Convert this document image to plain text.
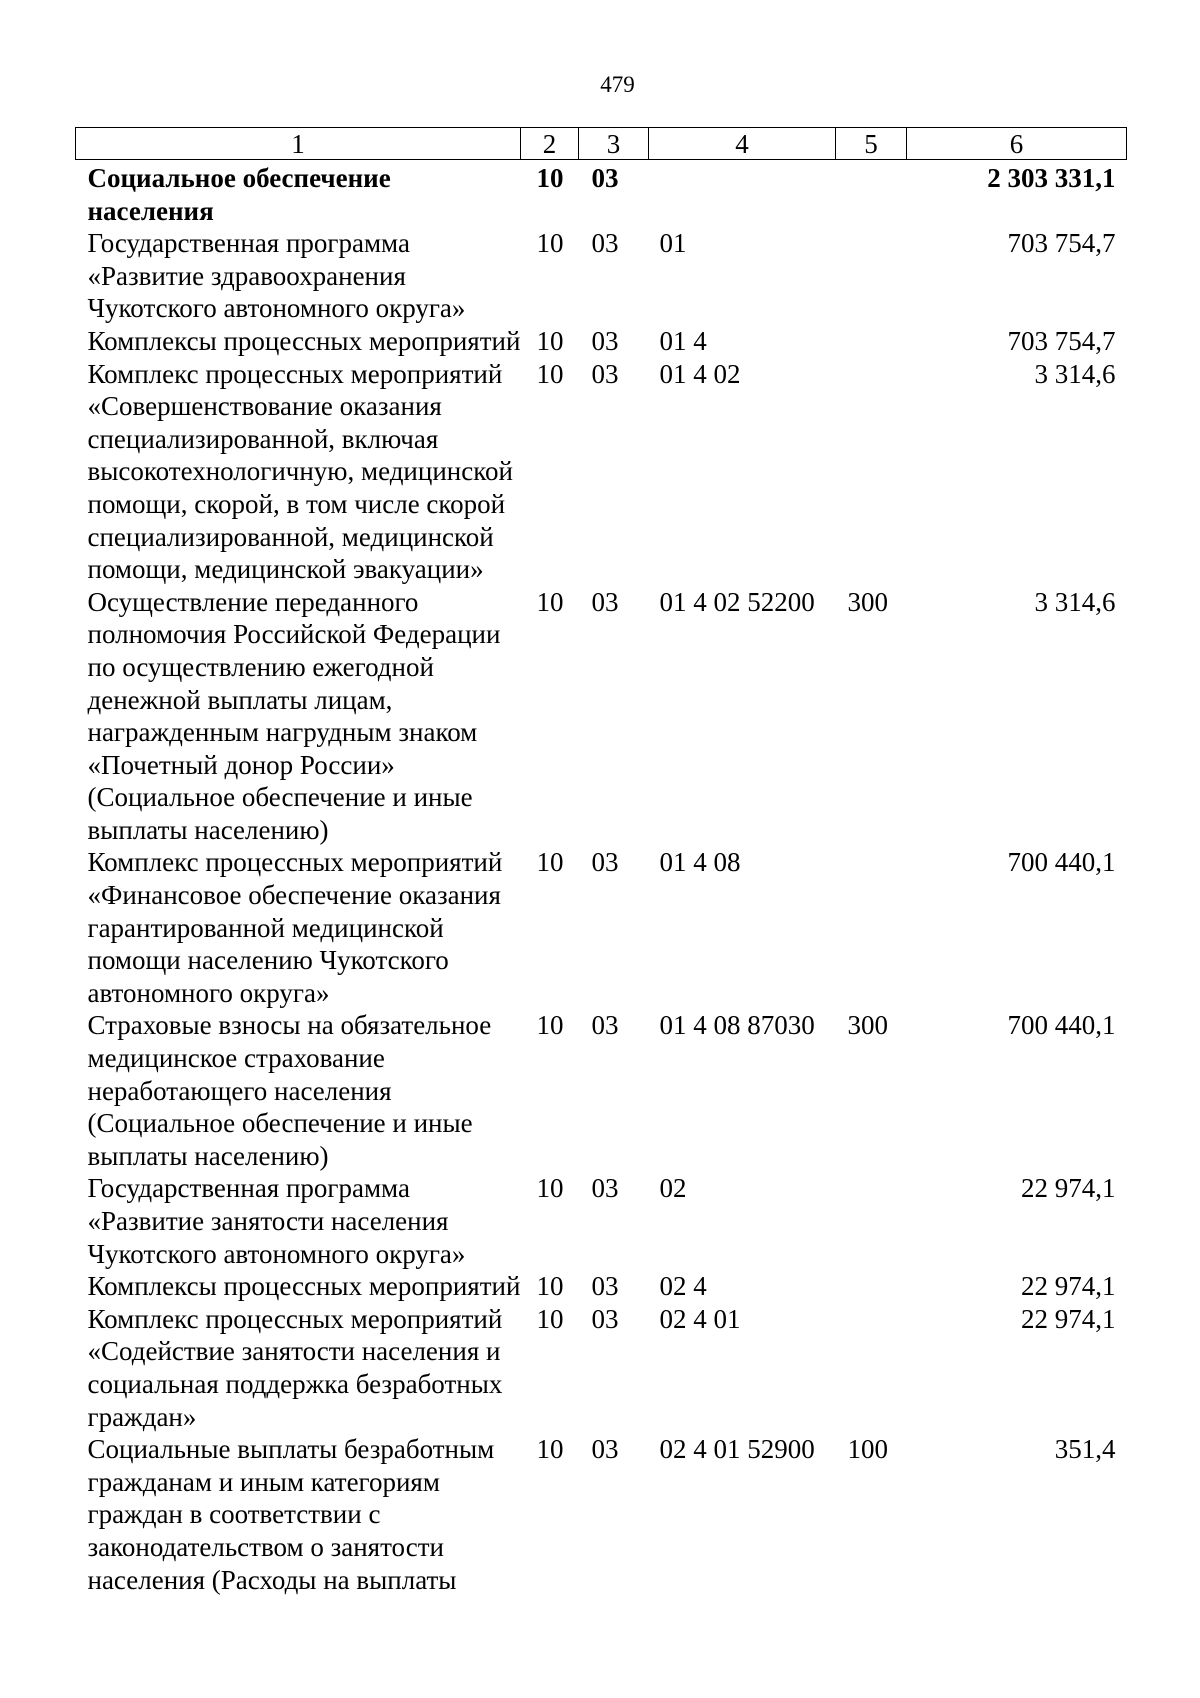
479
1	2	3	4	5	6
Социальное обеспечение населения	10	03			2 303 331,1
Государственная программа «Развитие здравоохранения Чукотского автономного округа»	10	03	01		703 754,7
Комплексы процессных мероприятий	10	03	01 4		703 754,7
Комплекс процессных мероприятий «Совершенствование оказания специализированной, включая высокотехнологичную, медицинской помощи, скорой, в том числе скорой специализированной, медицинской помощи, медицинской эвакуации»	10	03	01 4 02		3 314,6
Осуществление переданного полномочия Российской Федерации по осуществлению ежегодной денежной выплаты лицам, награжденным нагрудным знаком «Почетный донор России» (Социальное обеспечение и иные выплаты населению)	10	03	01 4 02 52200	300	3 314,6
Комплекс процессных мероприятий «Финансовое обеспечение оказания гарантированной медицинской помощи населению Чукотского автономного округа»	10	03	01 4 08		700 440,1
Страховые взносы на обязательное медицинское страхование неработающего населения (Социальное обеспечение и иные выплаты населению)	10	03	01 4 08 87030	300	700 440,1
Государственная программа «Развитие занятости населения Чукотского автономного округа»	10	03	02		22 974,1
Комплексы процессных мероприятий	10	03	02 4		22 974,1
Комплекс процессных мероприятий «Содействие занятости населения и социальная поддержка безработных граждан»	10	03	02 4 01		22 974,1
Социальные выплаты безработным гражданам и иным категориям граждан в соответствии с законодательством о занятости населения (Расходы на выплаты	10	03	02 4 01 52900	100	351,4
